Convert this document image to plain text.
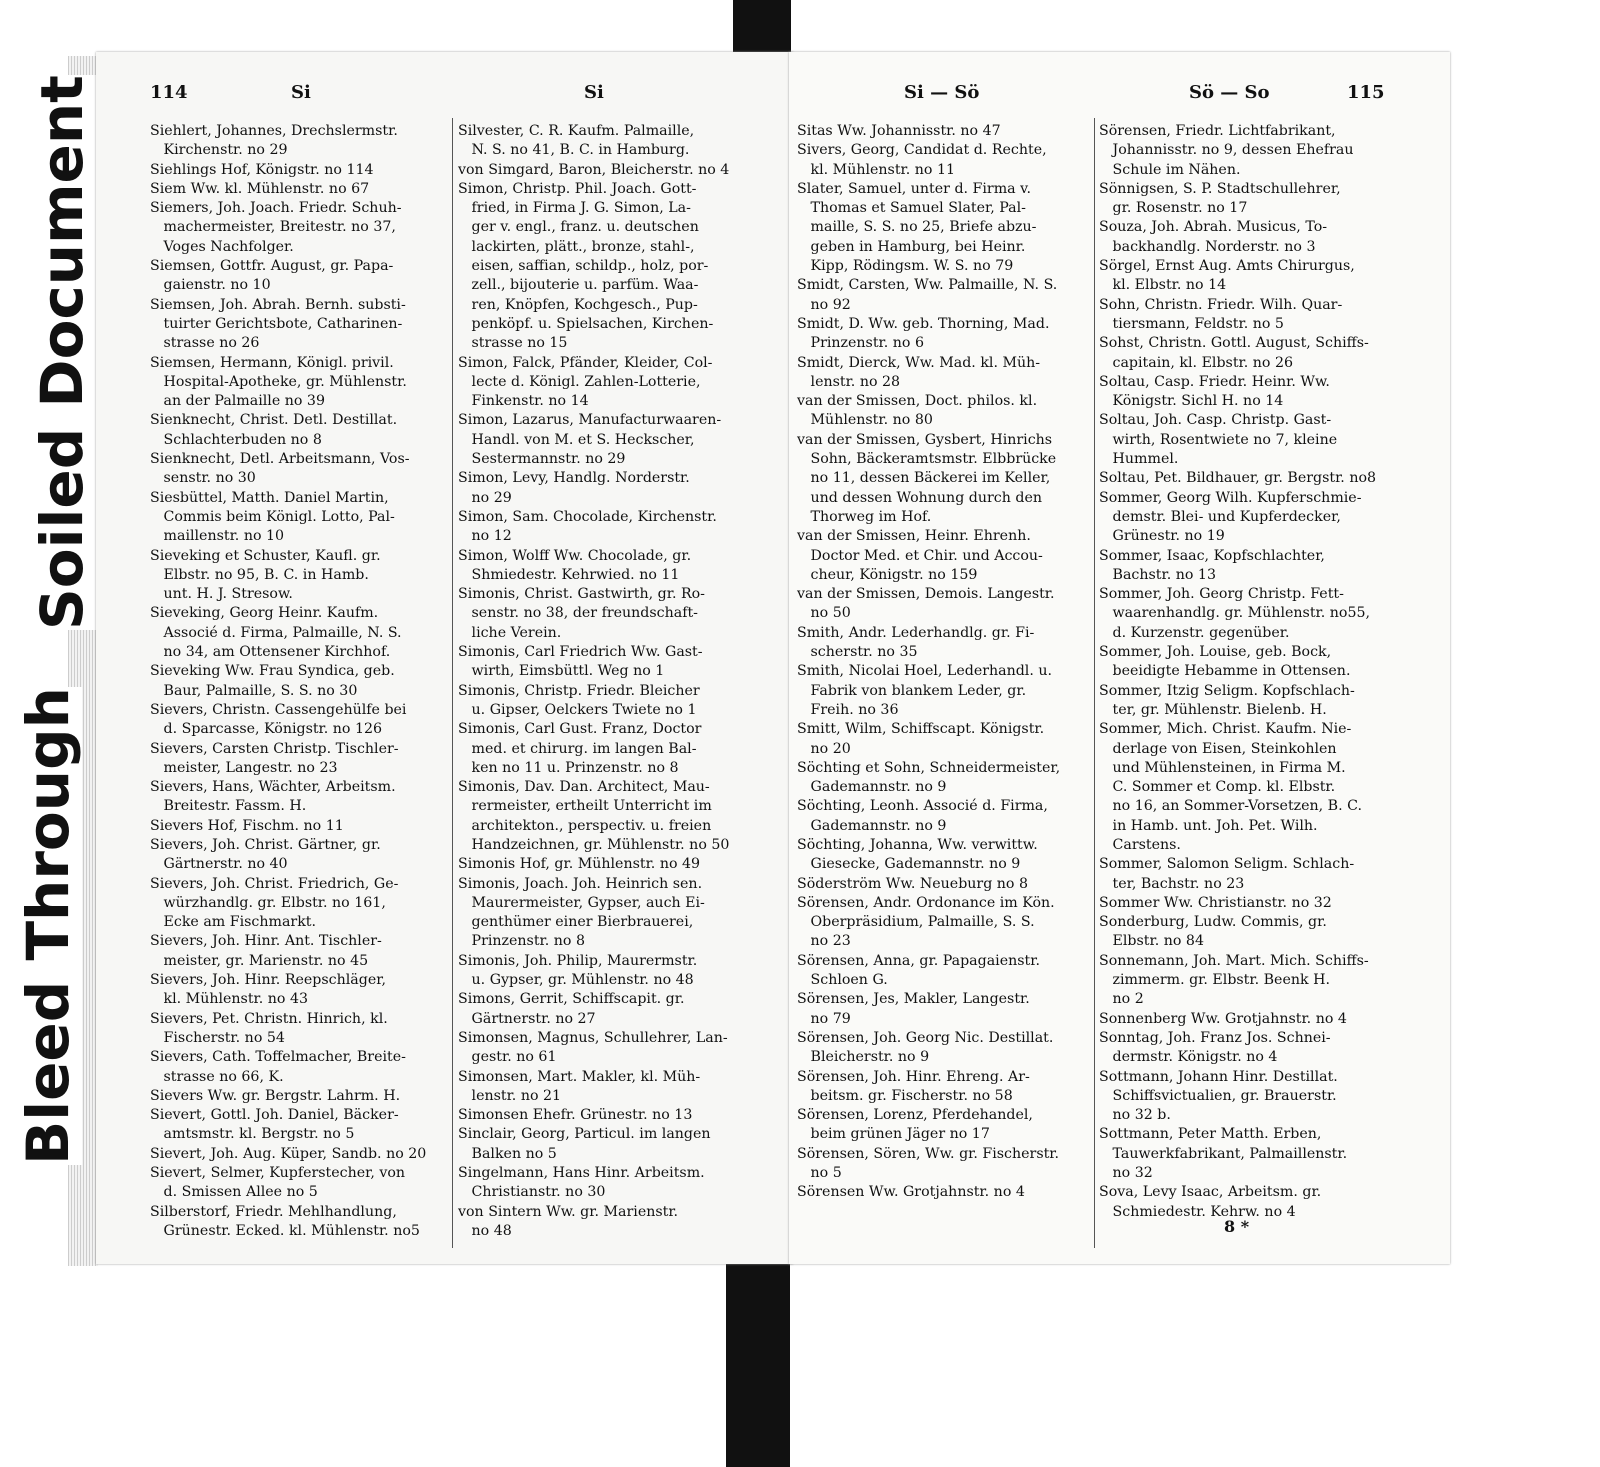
Soiled Document
Bleed Through
114	Si	Si

Siehlert, Johannes, Drechslermstr.
Kirchenstr. no 29

Siehlings Hof, Königstr. no 114

Siem Ww. kl. Mühlenstr. no 67

Siemers, Joh. Joach. Friedr. Schuh-
machermeister, Breitestr. no 37,
Voges Nachfolger.

Siemsen, Gottfr. August, gr. Papa-
gaienstr. no 10

Siemsen, Joh. Abrah. Bernh. substi-
tuirter Gerichtsbote, Catharinen-
strasse no 26

Siemsen, Hermann, Königl. privil.
Hospital-Apotheke, gr. Mühlenstr.
an der Palmaille no 39

Sienknecht, Christ. Detl. Destillat.
Schlachterbuden no 8

Sienknecht, Detl. Arbeitsmann, Vos-
senstr. no 30

Siesbüttel, Matth. Daniel Martin,
Commis beim Königl. Lotto, Pal-
maillenstr. no 10

Sieveking et Schuster, Kaufl. gr.
Elbstr. no 95, B. C. in Hamb.
unt. H. J. Stresow.

Sieveking, Georg Heinr. Kaufm.
Associé d. Firma, Palmaille, N. S.
no 34, am Ottensener Kirchhof.

Sieveking Ww. Frau Syndica, geb.
Baur, Palmaille, S. S. no 30

Sievers, Christn. Cassengehülfe bei
d. Sparcasse, Königstr. no 126

Sievers, Carsten Christp. Tischler-
meister, Langestr. no 23

Sievers, Hans, Wächter, Arbeitsm.
Breitestr. Fassm. H.

Sievers Hof, Fischm. no 11

Sievers, Joh. Christ. Gärtner, gr.
Gärtnerstr. no 40

Sievers, Joh. Christ. Friedrich, Ge-
würzhandlg. gr. Elbstr. no 161,
Ecke am Fischmarkt.

Sievers, Joh. Hinr. Ant. Tischler-
meister, gr. Marienstr. no 45

Sievers, Joh. Hinr. Reepschläger,
kl. Mühlenstr. no 43

Sievers, Pet. Christn. Hinrich, kl.
Fischerstr. no 54

Sievers, Cath. Toffelmacher, Breite-
strasse no 66, K.

Sievers Ww. gr. Bergstr. Lahrm. H.

Sievert, Gottl. Joh. Daniel, Bäcker-
amtsmstr. kl. Bergstr. no 5

Sievert, Joh. Aug. Küper, Sandb. no 20

Sievert, Selmer, Kupferstecher, von
d. Smissen Allee no 5

Silberstorf, Friedr. Mehlhandlung,
Grünestr. Ecked. kl. Mühlenstr. no5

Silvester, C. R. Kaufm. Palmaille,
N. S. no 41, B. C. in Hamburg.

von Simgard, Baron, Bleicherstr. no 4

Simon, Christp. Phil. Joach. Gott-
fried, in Firma J. G. Simon, La-
ger v. engl., franz. u. deutschen
lackirten, plätt., bronze, stahl-,
eisen, saffian, schildp., holz, por-
zell., bijouterie u. parfüm. Waa-
ren, Knöpfen, Kochgesch., Pup-
penköpf. u. Spielsachen, Kirchen-
strasse no 15

Simon, Falck, Pfänder, Kleider, Col-
lecte d. Königl. Zahlen-Lotterie,
Finkenstr. no 14

Simon, Lazarus, Manufacturwaaren-
Handl. von M. et S. Heckscher,
Sestermannstr. no 29

Simon, Levy, Handlg. Norderstr.
no 29

Simon, Sam. Chocolade, Kirchenstr.
no 12

Simon, Wolff Ww. Chocolade, gr.
Shmiedestr. Kehrwied. no 11

Simonis, Christ. Gastwirth, gr. Ro-
senstr. no 38, der freundschaft-
liche Verein.

Simonis, Carl Friedrich Ww. Gast-
wirth, Eimsbüttl. Weg no 1

Simonis, Christp. Friedr. Bleicher
u. Gipser, Oelckers Twiete no 1

Simonis, Carl Gust. Franz, Doctor
med. et chirurg. im langen Bal-
ken no 11 u. Prinzenstr. no 8

Simonis, Dav. Dan. Architect, Mau-
rermeister, ertheilt Unterricht im
architekton., perspectiv. u. freien
Handzeichnen, gr. Mühlenstr. no 50

Simonis Hof, gr. Mühlenstr. no 49

Simonis, Joach. Joh. Heinrich sen.
Maurermeister, Gypser, auch Ei-
genthümer einer Bierbrauerei,
Prinzenstr. no 8

Simonis, Joh. Philip, Maurermstr.
u. Gypser, gr. Mühlenstr. no 48

Simons, Gerrit, Schiffscapit. gr.
Gärtnerstr. no 27

Simonsen, Magnus, Schullehrer, Lan-
gestr. no 61

Simonsen, Mart. Makler, kl. Müh-
lenstr. no 21

Simonsen Ehefr. Grünestr. no 13

Sinclair, Georg, Particul. im langen
Balken no 5

Singelmann, Hans Hinr. Arbeitsm.
Christianstr. no 30

von Sintern Ww. gr. Marienstr.
no 48

Si — Sö	Sö — So	115

Sitas Ww. Johannisstr. no 47

Sivers, Georg, Candidat d. Rechte,
kl. Mühlenstr. no 11

Slater, Samuel, unter d. Firma v.
Thomas et Samuel Slater, Pal-
maille, S. S. no 25, Briefe abzu-
geben in Hamburg, bei Heinr.
Kipp, Rödingsm. W. S. no 79

Smidt, Carsten, Ww. Palmaille, N. S.
no 92

Smidt, D. Ww. geb. Thorning, Mad.
Prinzenstr. no 6

Smidt, Dierck, Ww. Mad. kl. Müh-
lenstr. no 28

van der Smissen, Doct. philos. kl.
Mühlenstr. no 80

van der Smissen, Gysbert, Hinrichs
Sohn, Bäckeramtsmstr. Elbbrücke
no 11, dessen Bäckerei im Keller,
und dessen Wohnung durch den
Thorweg im Hof.

van der Smissen, Heinr. Ehrenh.
Doctor Med. et Chir. und Accou-
cheur, Königstr. no 159

van der Smissen, Demois. Langestr.
no 50

Smith, Andr. Lederhandlg. gr. Fi-
scherstr. no 35

Smith, Nicolai Hoel, Lederhandl. u.
Fabrik von blankem Leder, gr.
Freih. no 36

Smitt, Wilm, Schiffscapt. Königstr.
no 20

Söchting et Sohn, Schneidermeister,
Gademannstr. no 9

Söchting, Leonh. Associé d. Firma,
Gademannstr. no 9

Söchting, Johanna, Ww. verwittw.
Giesecke, Gademannstr. no 9

Söderström Ww. Neueburg no 8

Sörensen, Andr. Ordonance im Kön.
Oberpräsidium, Palmaille, S. S.
no 23

Sörensen, Anna, gr. Papagaienstr.
Schloen G.

Sörensen, Jes, Makler, Langestr.
no 79

Sörensen, Joh. Georg Nic. Destillat.
Bleicherstr. no 9

Sörensen, Joh. Hinr. Ehreng. Ar-
beitsm. gr. Fischerstr. no 58

Sörensen, Lorenz, Pferdehandel,
beim grünen Jäger no 17

Sörensen, Sören, Ww. gr. Fischerstr.
no 5

Sörensen Ww. Grotjahnstr. no 4

Sörensen, Friedr. Lichtfabrikant,
Johannisstr. no 9, dessen Ehefrau
Schule im Nähen.

Sönnigsen, S. P. Stadtschullehrer,
gr. Rosenstr. no 17

Souza, Joh. Abrah. Musicus, To-
backhandlg. Norderstr. no 3

Sörgel, Ernst Aug. Amts Chirurgus,
kl. Elbstr. no 14

Sohn, Christn. Friedr. Wilh. Quar-
tiersmann, Feldstr. no 5

Sohst, Christn. Gottl. August, Schiffs-
capitain, kl. Elbstr. no 26

Soltau, Casp. Friedr. Heinr. Ww.
Königstr. Sichl H. no 14

Soltau, Joh. Casp. Christp. Gast-
wirth, Rosentwiete no 7, kleine
Hummel.

Soltau, Pet. Bildhauer, gr. Bergstr. no8

Sommer, Georg Wilh. Kupferschmie-
demstr. Blei- und Kupferdecker,
Grünestr. no 19

Sommer, Isaac, Kopfschlachter,
Bachstr. no 13

Sommer, Joh. Georg Christp. Fett-
waarenhandlg. gr. Mühlenstr. no55,
d. Kurzenstr. gegenüber.

Sommer, Joh. Louise, geb. Bock,
beeidigte Hebamme in Ottensen.

Sommer, Itzig Seligm. Kopfschlach-
ter, gr. Mühlenstr. Bielenb. H.

Sommer, Mich. Christ. Kaufm. Nie-
derlage von Eisen, Steinkohlen
und Mühlensteinen, in Firma M.
C. Sommer et Comp. kl. Elbstr.
no 16, an Sommer-Vorsetzen, B. C.
in Hamb. unt. Joh. Pet. Wilh.
Carstens.

Sommer, Salomon Seligm. Schlach-
ter, Bachstr. no 23

Sommer Ww. Christianstr. no 32

Sonderburg, Ludw. Commis, gr.
Elbstr. no 84

Sonnemann, Joh. Mart. Mich. Schiffs-
zimmerm. gr. Elbstr. Beenk H.
no 2

Sonnenberg Ww. Grotjahnstr. no 4

Sonntag, Joh. Franz Jos. Schnei-
dermstr. Königstr. no 4

Sottmann, Johann Hinr. Destillat.
Schiffsvictualien, gr. Brauerstr.
no 32 b.

Sottmann, Peter Matth. Erben,
Tauwerkfabrikant, Palmaillenstr.
no 32

Sova, Levy Isaac, Arbeitsm. gr.
Schmiedestr. Kehrw. no 4

8 *
